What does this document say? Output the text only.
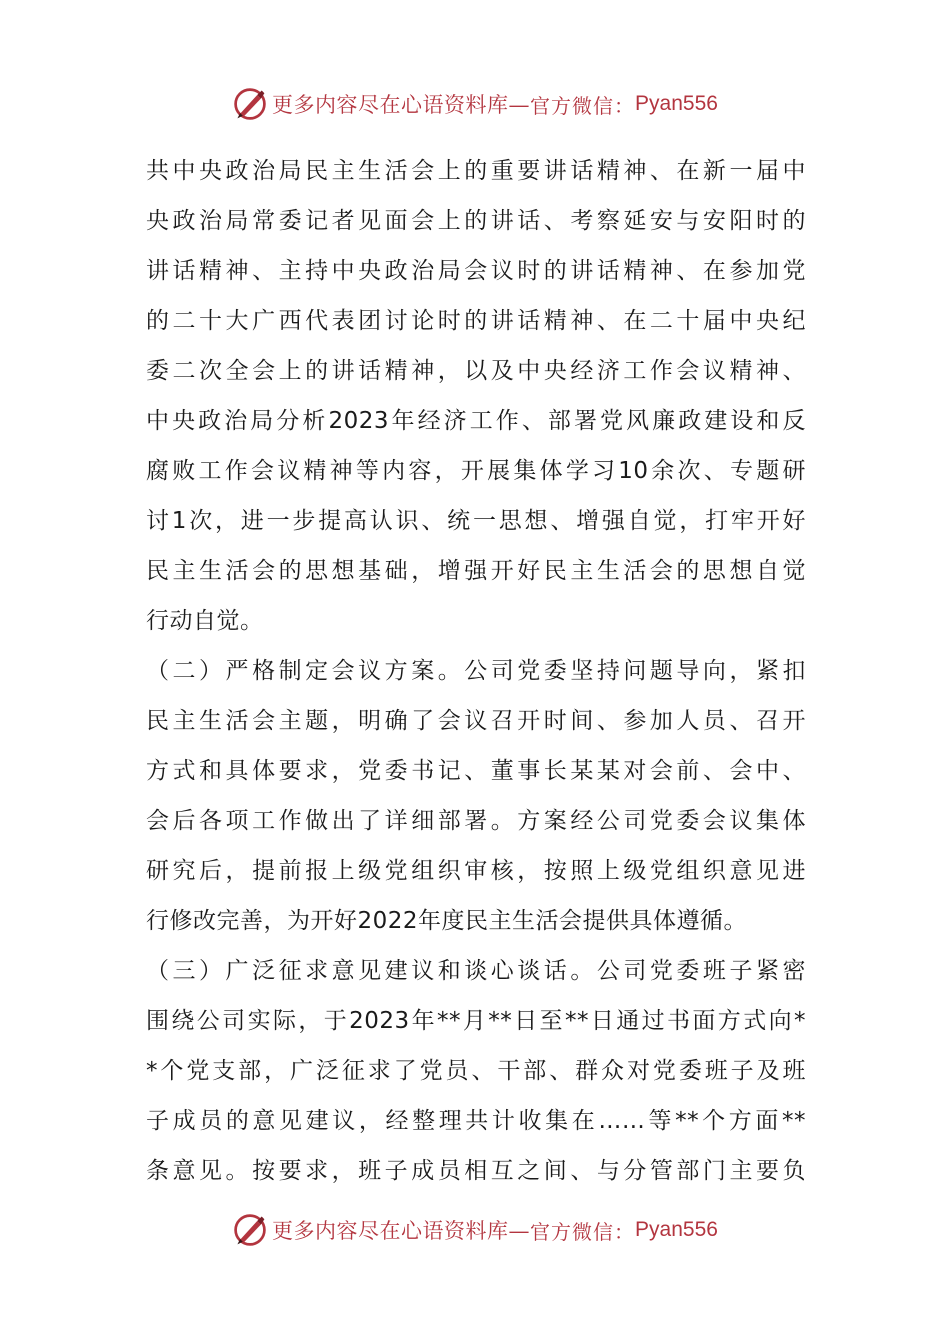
更多内容尽在心语资料库— 官方微信： Pyan556
共中央政治局民主生活会上的重要讲话精神、在新一届中
央政治局常委记者见面会上的讲话、考察延安与安阳时的
讲话精神、主持中央政治局会议时的讲话精神、在参加党
的二十大广西代表团讨论时的讲话精神、在二十届中央纪
委二次全会上的讲话精神，以及中央经济工作会议精神、
中央政治局分析2023年经济工作、部署党风廉政建设和反
腐败工作会议精神等内容，开展集体学习10余次、专题研
讨1次，进一步提高认识、统一思想、增强自觉，打牢开好
民主生活会的思想基础，增强开好民主生活会的思想自觉
行动自觉。
（二）严格制定会议方案。公司党委坚持问题导向，紧扣
民主生活会主题，明确了会议召开时间、参加人员、召开
方式和具体要求，党委书记、董事长某某对会前、会中、
会后各项工作做出了详细部署。方案经公司党委会议集体
研究后，提前报上级党组织审核，按照上级党组织意见进
行修改完善，为开好2022年度民主生活会提供具体遵循。
（三）广泛征求意见建议和谈心谈话。公司党委班子紧密
围绕公司实际，于2023年**月**日至**日通过书面方式向*
*个党支部，广泛征求了党员、干部、群众对党委班子及班
子成员的意见建议，经整理共计收集在……等**个方面**
条意见。按要求，班子成员相互之间、与分管部门主要负
更多内容尽在心语资料库— 官方微信： Pyan556
